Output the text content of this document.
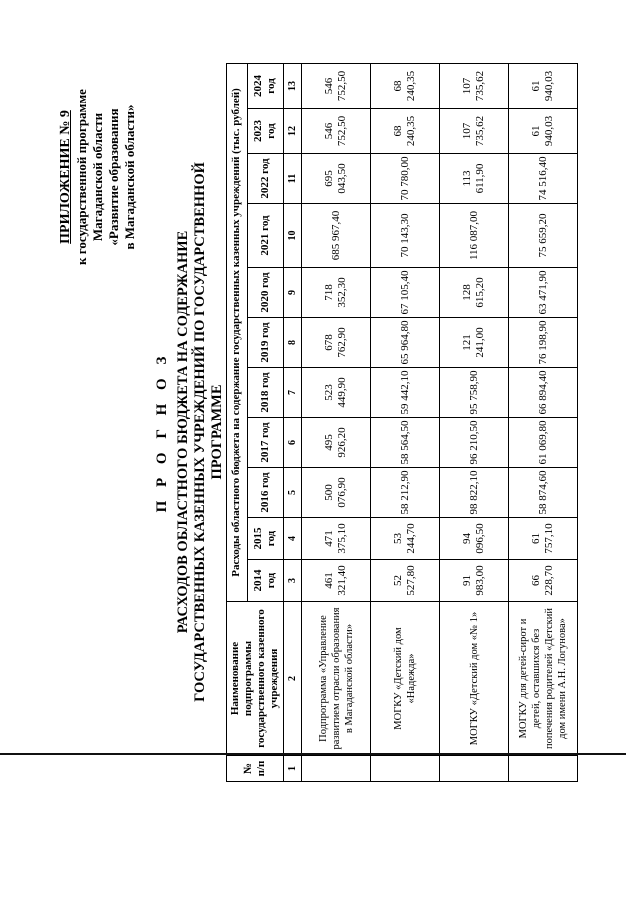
ПРИЛОЖЕНИЕ № 9 к государственной программе Магаданской области «Развитие образования в Магаданской области»
П Р О Г Н О З РАСХОДОВ ОБЛАСТНОГО БЮДЖЕТА НА СОДЕРЖАНИЕ ГОСУДАРСТВЕННЫХ КАЗЕННЫХ УЧРЕЖДЕНИЙ ПО ГОСУДАРСТВЕННОЙ ПРОГРАММЕ
№ п/п	Наименование подпрограммы государственного казенного учреждения	Расходы областного бюджета на содержание государственных казенных учреждений (тыс. рублей)										
		2014 год	2015 год	2016 год	2017 год	2018 год	2019 год	2020 год	2021 год	2022 год	2023 год	2024 год
1	2	3	4	5	6	7	8	9	10	11	12	13
	Подпрограмма «Управление развитием отрасли образования в Магаданской области»	461 321,40	471 375,10	500 076,90	495 926,20	523 449,90	678 762,90	718 352,30	685 967,40	695 043,50	546 752,50	546 752,50
	МОГКУ «Детский дом «Надежда»	52 527,80	53 244,70	58 212,90	58 564,50	59 442,10	65 964,80	67 105,40	70 143,30	70 780,00	68 240,35	68 240,35
	МОГКУ «Детский дом «№ 1»	91 983,00	94 096,50	98 822,10	96 210,50	95 758,90	121 241,00	128 615,20	116 087,00	113 611,90	107 735,62	107 735,62
	МОГКУ для детей-сирот и детей, оставшихся без попечения родителей «Детский дом имени А.Н. Логунова»	66 228,70	61 757,10	58 874,60	61 069,80	66 894,40	76 198,90	63 471,90	75 659,20	74 516,40	61 940,03	61 940,03
